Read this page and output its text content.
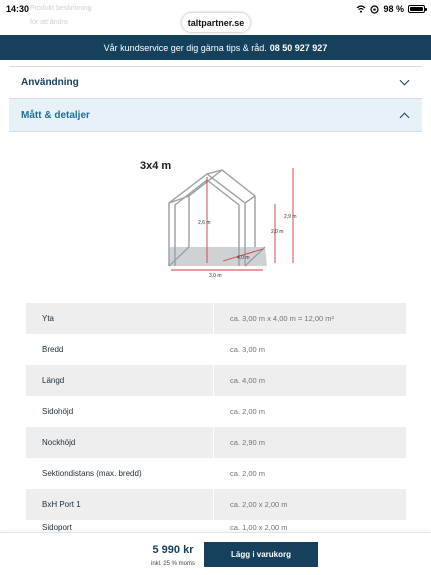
14:30	98 %
Produkt beskrivning
för att ändra	taltpartner.se
Vår kundservice ger dig gärna tips & råd. 08 50 927 927
Användning
Mått & detaljer
3x4 m
2,6 m
2,9 m
2,0 m
4,0 m
3,0 m
Yta	ca. 3,00 m x 4,00 m = 12,00 m²
Bredd	ca. 3,00 m
Längd	ca. 4,00 m
Sidohöjd	ca. 2,00 m
Nockhöjd	ca. 2,90 m
Sektiondistans (max. bredd)	ca. 2,00 m
BxH Port 1	ca. 2,00 x 2,00 m
Sidoport	ca. 1,00 x 2,00 m
5 990 kr
inkl. 25 % moms
Lägg i varukorg
